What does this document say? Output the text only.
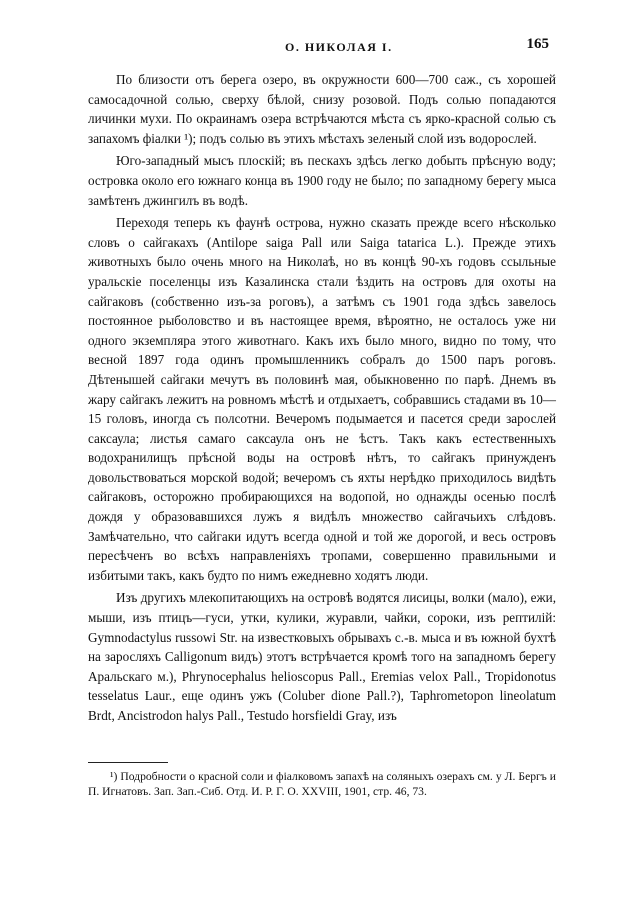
О. НИКОЛАЯ I.	165

По близости отъ берега озеро, въ окружности 600—700 саж., съ хорошей самосадочной солью, сверху бѣлой, снизу розовой. Подъ солью попадаются личинки мухи. По окраинамъ озера встрѣчаются мѣста съ ярко-красной солью съ запахомъ фіалки ¹); подъ солью въ этихъ мѣстахъ зеленый слой изъ водорослей.

Юго-западный мысъ плоскій; въ пескахъ здѣсь легко добыть прѣсную воду; островка около его южнаго конца въ 1900 году не было; по западному берегу мыса замѣтенъ джингилъ въ водѣ.

Переходя теперь къ фаунѣ острова, нужно сказать прежде всего нѣсколько словъ о сайгакахъ (Antilope saiga Pall или Saiga tatarica L.). Прежде этихъ животныхъ было очень много на Николаѣ, но въ концѣ 90-хъ годовъ ссыльные уральскіе поселенцы изъ Казалинска стали ѣздить на островъ для охоты на сайгаковъ (собственно изъ-за роговъ), а затѣмъ съ 1901 года здѣсь завелось постоянное рыболовство и въ настоящее время, вѣроятно, не осталось уже ни одного экземпляра этого животнаго. Какъ ихъ было много, видно по тому, что весной 1897 года одинъ промышленникъ собралъ до 1500 паръ роговъ. Дѣтенышей сайгаки мечутъ въ половинѣ мая, обыкновенно по парѣ. Днемъ въ жару сайгакъ лежитъ на ровномъ мѣстѣ и отдыхаетъ, собравшись стадами въ 10—15 головъ, иногда съ полсотни. Вечеромъ подымается и пасется среди зарослей саксаула; листья самаго саксаула онъ не ѣстъ. Такъ какъ естественныхъ водохранилищъ прѣсной воды на островѣ нѣтъ, то сайгакъ принужденъ довольствоваться морской водой; вечеромъ съ яхты нерѣдко приходилось видѣть сайгаковъ, осторожно пробирающихся на водопой, но однажды осенью послѣ дождя у образовавшихся лужъ я видѣлъ множество сайгачьихъ слѣдовъ. Замѣчательно, что сайгаки идутъ всегда одной и той же дорогой, и весь островъ пересѣченъ во всѣхъ направленіяхъ тропами, совершенно правильными и избитыми такъ, какъ будто по нимъ ежедневно ходятъ люди.

Изъ другихъ млекопитающихъ на островѣ водятся лисицы, волки (мало), ежи, мыши, изъ птицъ—гуси, утки, кулики, журавли, чайки, сороки, изъ рептилій: Gymnodactylus russowi Str. на известковыхъ обрывахъ с.-в. мыса и въ южной бухтѣ на заросляхъ Calligonum видъ) этотъ встрѣчается кромѣ того на западномъ берегу Аральскаго м.), Phrynocephalus helioscopus Pall., Eremias velox Pall., Tropidonotus tesselatus Laur., еще одинъ ужъ (Coluber dione Pall.?), Taphrometopon lineolatum Brdt, Ancistrodon halys Pall., Testudo horsfieldi Gray, изъ

¹) Подробности о красной соли и фіалковомъ запахѣ на соляныхъ озерахъ см. у Л. Бергъ и П. Игнатовъ. Зап. Зап.-Сиб. Отд. И. Р. Г. О. XXVIII, 1901, стр. 46, 73.
